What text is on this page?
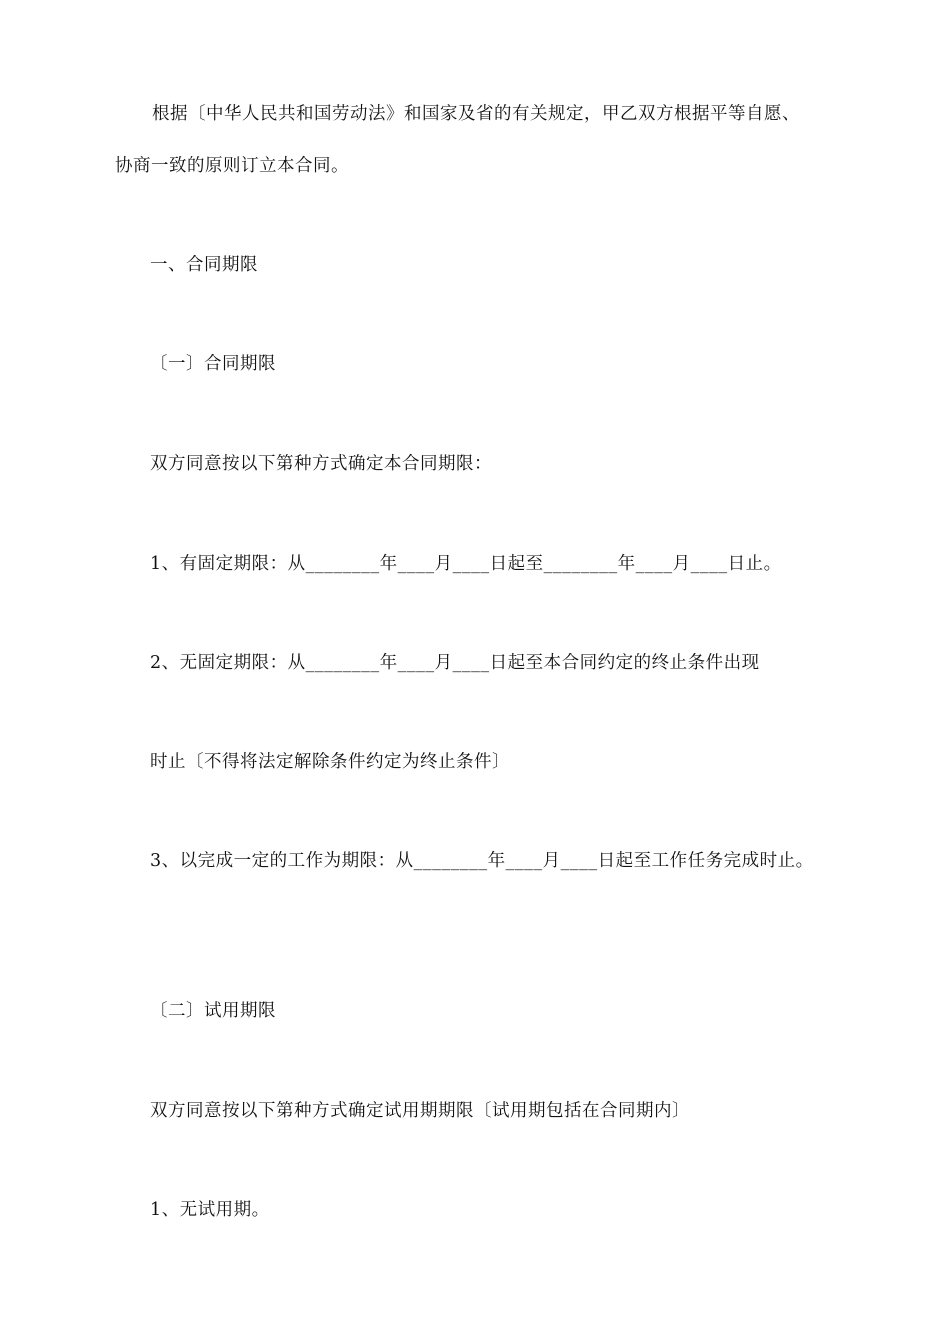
根据〔中华人民共和国劳动法》和国家及省的有关规定，甲乙双方根据平等自愿、
协商一致的原则订立本合同。
一、合同期限
〔一〕合同期限
双方同意按以下第种方式确定本合同期限：
1、有固定期限：从________年____月____日起至________年____月____日止。
2、无固定期限：从________年____月____日起至本合同约定的终止条件出现
时止〔不得将法定解除条件约定为终止条件〕
3、以完成一定的工作为期限：从________年____月____日起至工作任务完成时止。
〔二〕试用期限
双方同意按以下第种方式确定试用期期限〔试用期包括在合同期内〕
1、无试用期。
